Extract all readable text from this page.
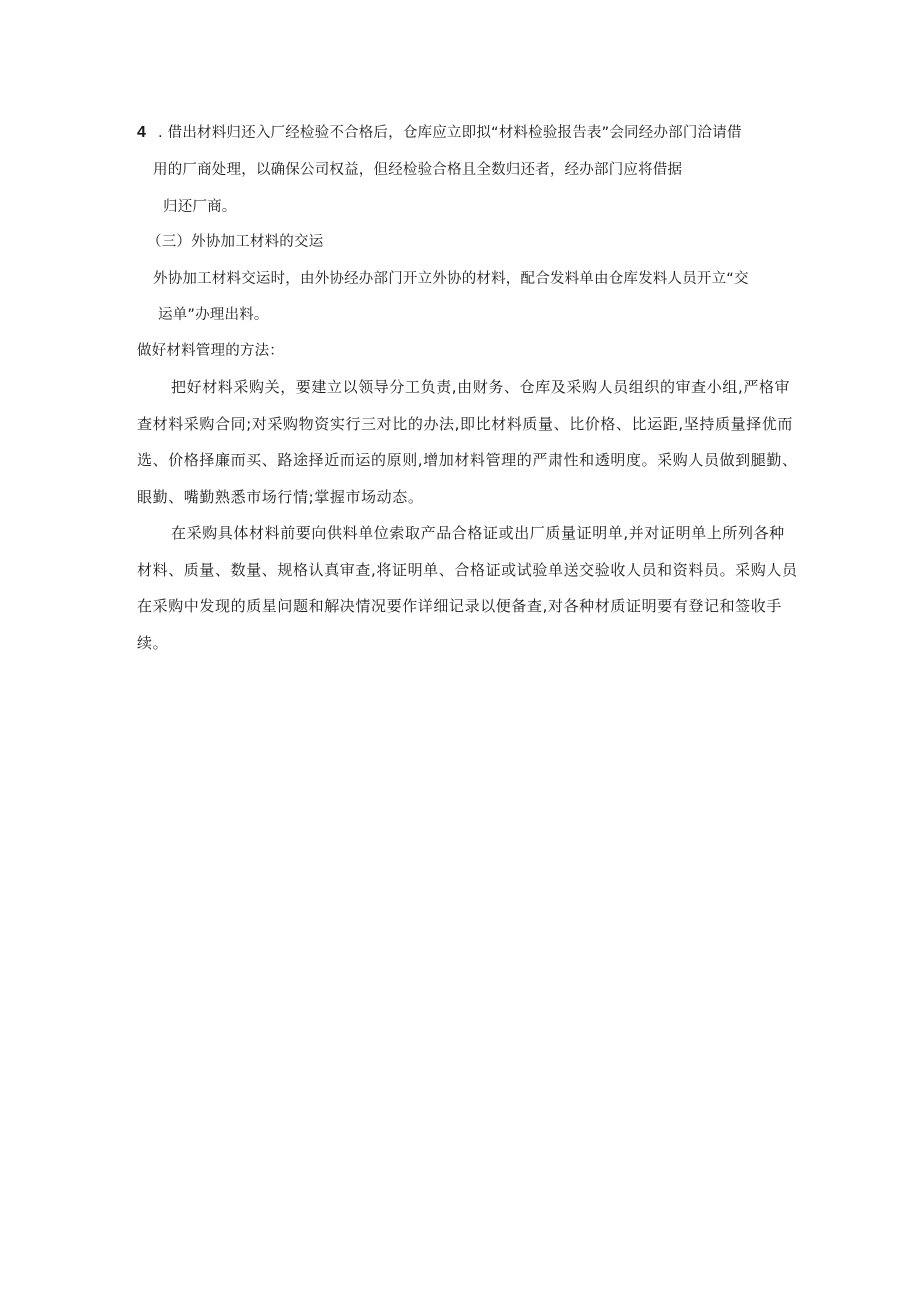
4 . 借出材料归还入厂经检验不合格后，仓库应立即拟“材料检验报告表”会同经办部门洽请借
用的厂商处理，以确保公司权益，但经检验合格且全数归还者，经办部门应将借据
归还厂商。
（三）外协加工材料的交运
外协加工材料交运时，由外协经办部门开立外协的材料，配合发料单由仓库发料人员开立“交
运单”办理出料。
做好材料管理的方法：
把好材料采购关，要建立以领导分工负责,由财务、仓库及采购人员组织的审查小组,严格审
查材料采购合同;对采购物资实行三对比的办法,即比材料质量、比价格、比运距,坚持质量择优而
选、价格择廉而买、路途择近而运的原则,增加材料管理的严肃性和透明度。采购人员做到腿勤、
眼勤、嘴勤熟悉市场行情;掌握市场动态。
在采购具体材料前要向供料单位索取产品合格证或出厂质量证明单,并对证明单上所列各种
材料、质量、数量、规格认真审查,将证明单、合格证或试验单送交验收人员和资料员。采购人员
在采购中发现的质星问题和解决情况要作详细记录以便备查,对各种材质证明要有登记和签收手
续。
